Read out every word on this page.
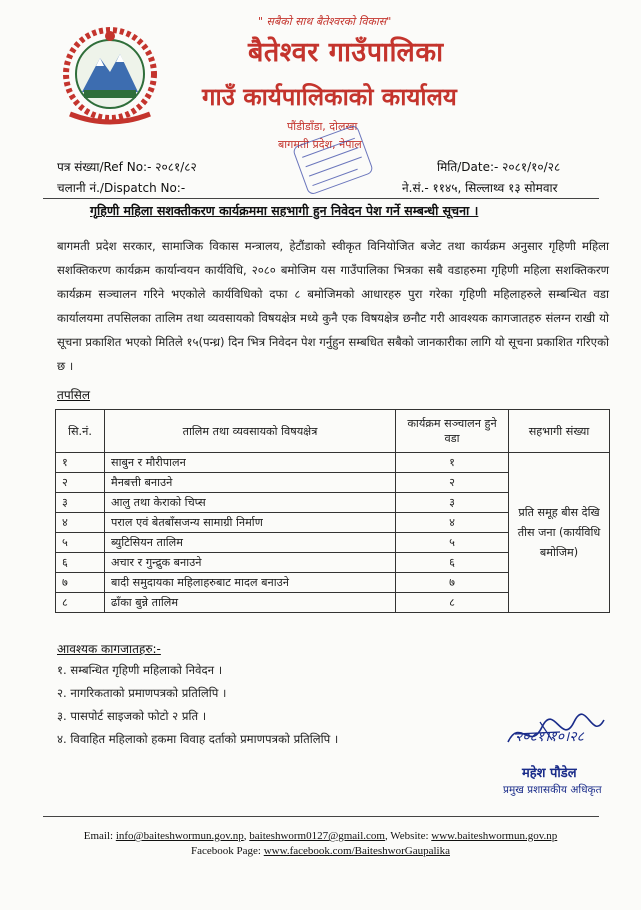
" सबैको साथ बैतेश्वरको विकास"
बैतेश्वर गाउँपालिका
गाउँ कार्यपालिकाको कार्यालय
पौंडीडाँडा, दोलखा
बागमती प्रदेश, नेपाल
पत्र संख्या/Ref No:- २०८१/८२	मिति/Date:- २०८१/१०/२८
चलानी नं./Dispatch No:-	ने.सं.- ११४५, सिल्लाथ्व १३ सोमवार
गृहिणी महिला सशक्तीकरण कार्यक्रममा सहभागी हुन निवेदन पेश गर्ने सम्बन्धी सूचना ।
बागमती प्रदेश सरकार, सामाजिक विकास मन्त्रालय, हेटौंडाको स्वीकृत विनियोजित बजेट तथा कार्यक्रम अनुसार गृहिणी महिला सशक्तिकरण कार्यक्रम कार्यान्वयन कार्यविधि, २०८० बमोजिम यस गाउँपालिका भित्रका सबै वडाहरुमा गृहिणी महिला सशक्तिकरण कार्यक्रम सञ्चालन गरिने भएकोले कार्यविधिको दफा ८ बमोजिमको आधारहरु पुरा गरेका गृहिणी महिलाहरुले सम्बन्धित वडा कार्यालयमा तपसिलका तालिम तथा व्यवसायको विषयक्षेत्र मध्ये कुनै एक विषयक्षेत्र छनौट गरी आवश्यक कागजातहरु संलग्न राखी यो सूचना प्रकाशित भएको मितिले १५(पन्ध्र) दिन भित्र निवेदन पेश गर्नुहुन सम्बधित सबैको जानकारीका लागि यो सूचना प्रकाशित गरिएको छ ।
तपसिल
सि.नं.	तालिम तथा व्यवसायको विषयक्षेत्र	कार्यक्रम सञ्चालन हुने वडा	सहभागी संख्या
१	साबुन र मौरीपालन	१	प्रति समूह बीस देखि तीस जना (कार्यविधि बमोजिम)
२	मैनबत्ती बनाउने	२	
३	आलु तथा केराको चिप्स	३	
४	पराल एवं बेतबाँसजन्य सामाग्री निर्माण	४	
५	ब्युटिसियन तालिम	५	
६	अचार र गुन्द्रुक बनाउने	६	
७	बादी समुदायका महिलाहरुबाट मादल बनाउने	७	
८	ढाँका बुन्ने तालिम	८	
आवश्यक कागजातहरु:-
१. सम्बन्धित गृहिणी महिलाको निवेदन ।
२. नागरिकताको प्रमाणपत्रको प्रतिलिपि ।
३. पासपोर्ट साइजको फोटो २ प्रति ।
४. विवाहित महिलाको हकमा विवाह दर्ताको प्रमाणपत्रको प्रतिलिपि ।	२०८१।१०।२८
महेश पौडेल
प्रमुख प्रशासकीय अधिकृत
Email: info@baiteshwormun.gov.np, baiteshworm0127@gmail.com, Website: www.baiteshwormun.gov.np
Facebook Page: www.facebook.com/BaiteshworGaupalika
